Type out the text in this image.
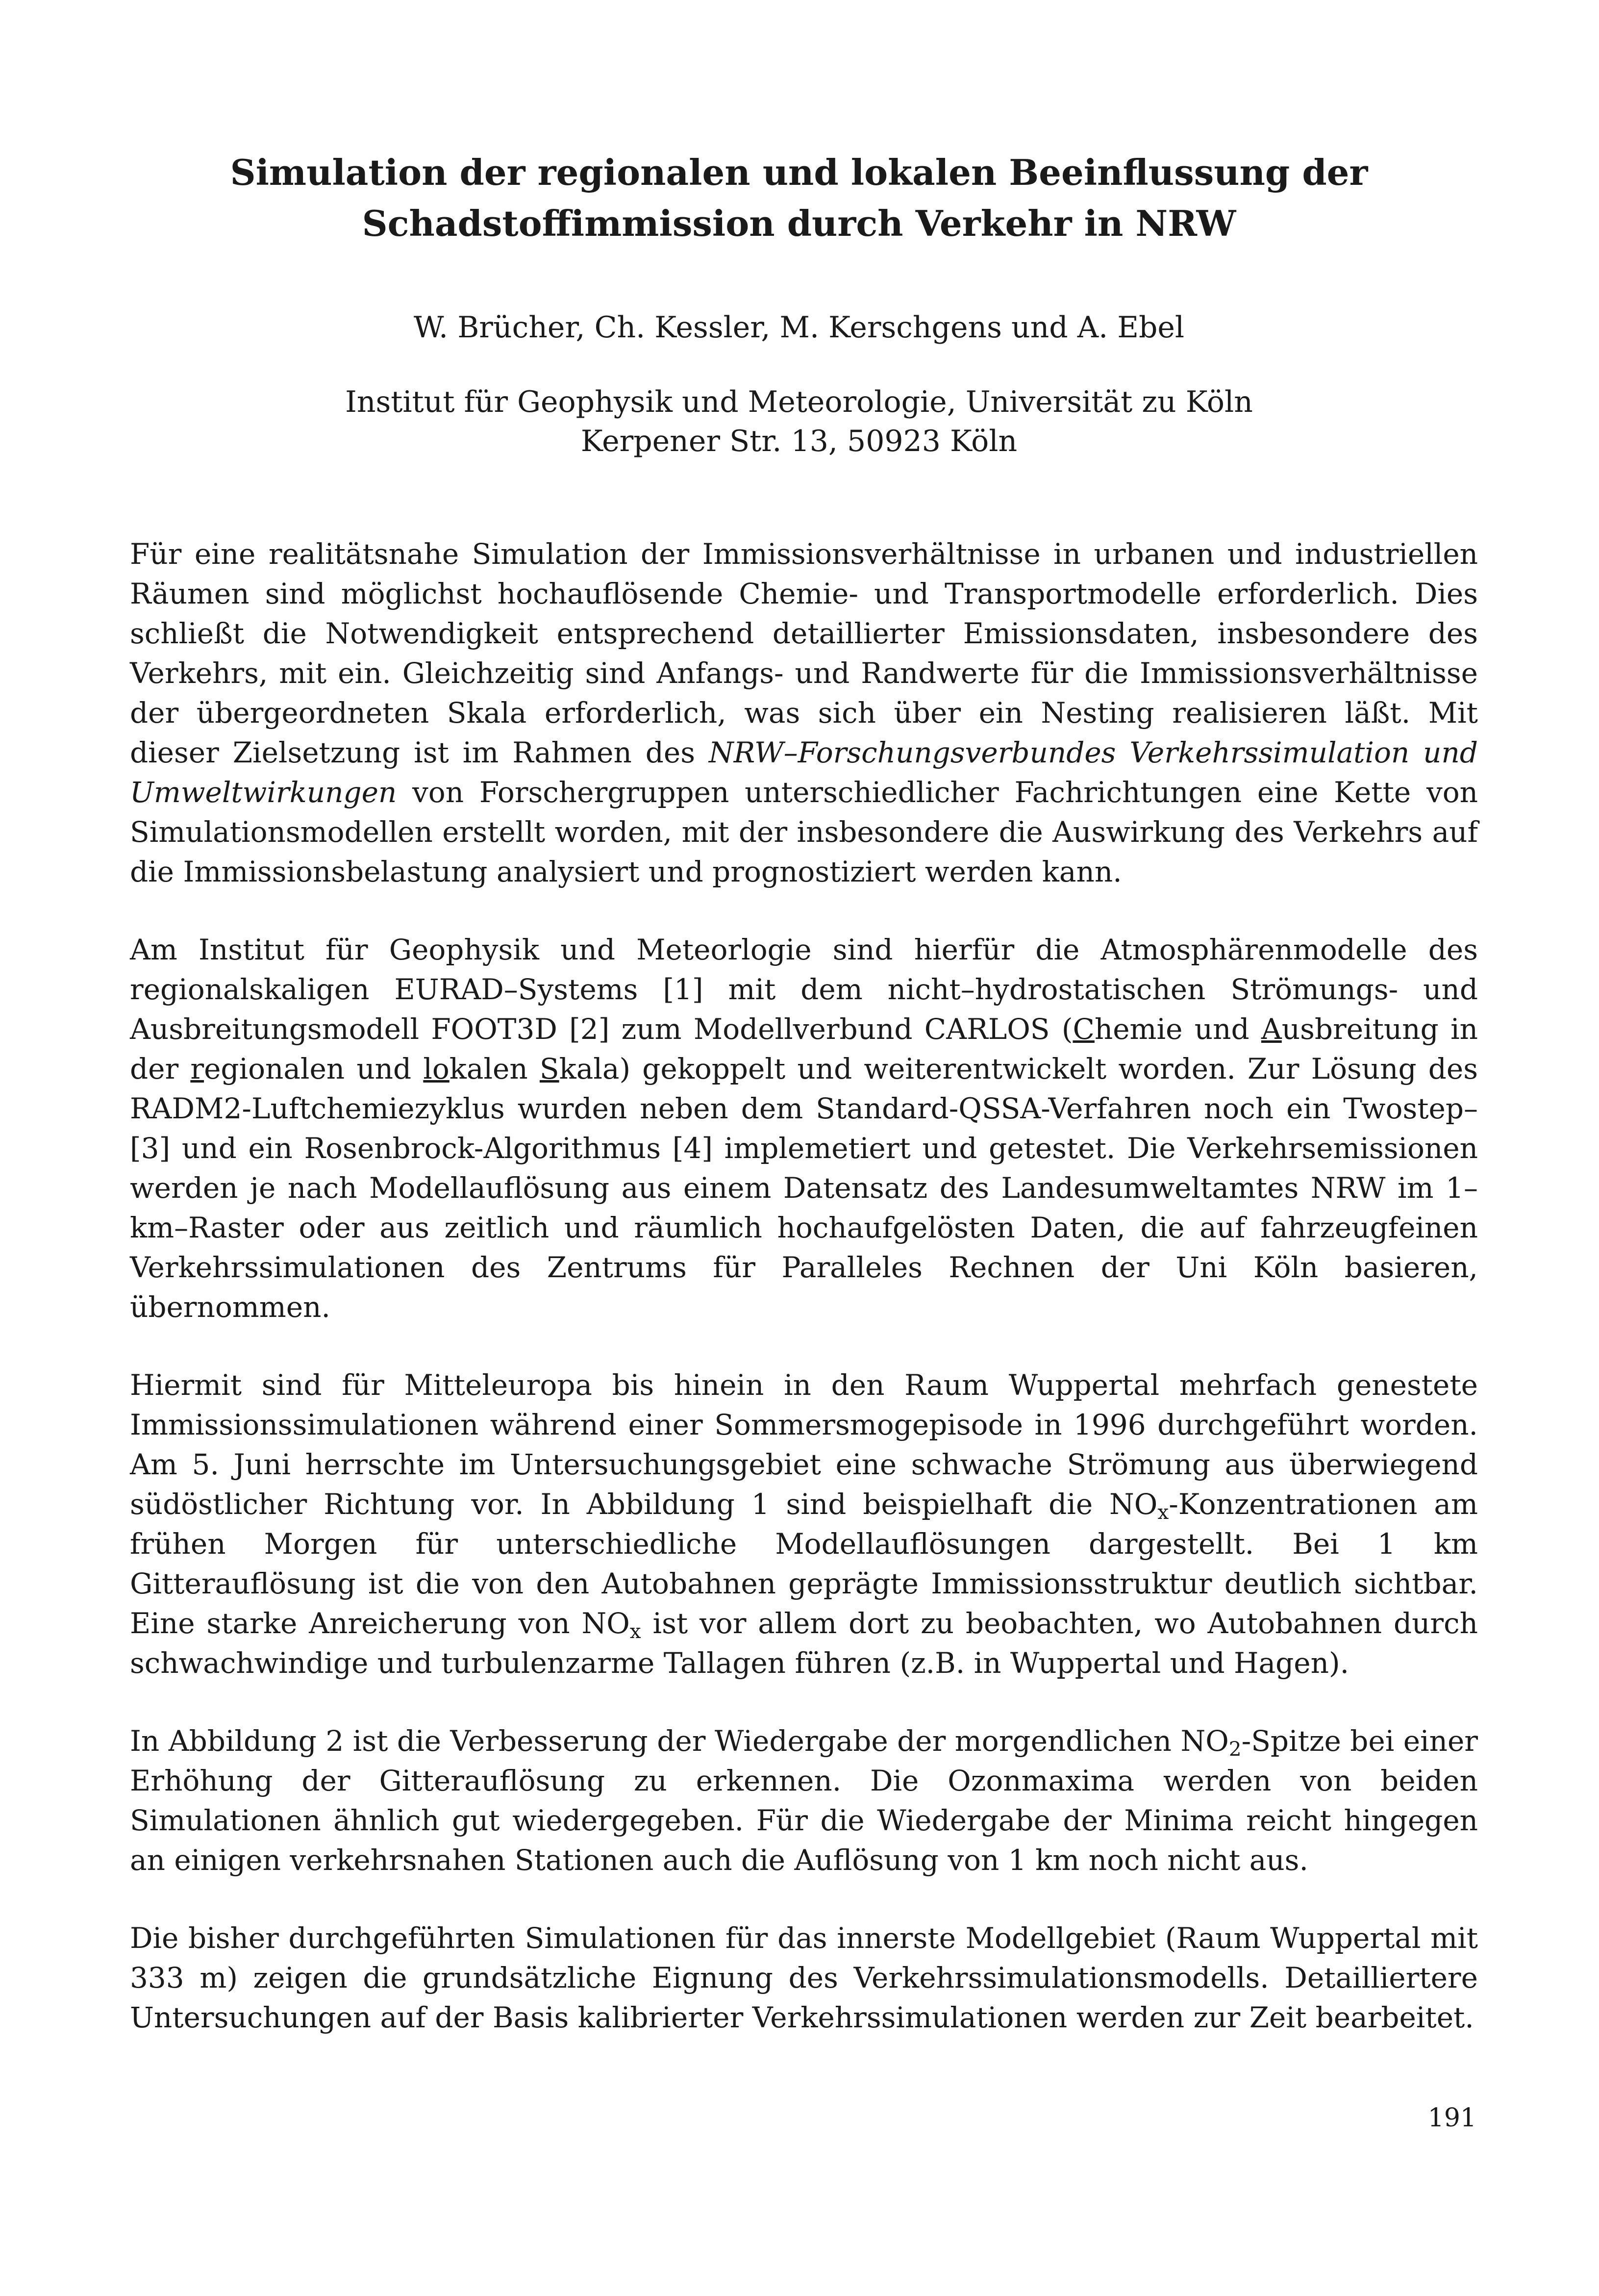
Simulation der regionalen und lokalen Beeinflussung der
Schadstoffimmission durch Verkehr in NRW

W. Brücher, Ch. Kessler, M. Kerschgens und A. Ebel

Institut für Geophysik und Meteorologie, Universität zu Köln
Kerpener Str. 13, 50923 Köln

Für eine realitätsnahe Simulation der Immissionsverhältnisse in urbanen und industriellen Räumen sind möglichst hochauflösende Chemie- und Transportmodelle erforderlich. Dies schließt die Notwendigkeit entsprechend detaillierter Emissionsdaten, insbesondere des Verkehrs, mit ein. Gleichzeitig sind Anfangs- und Randwerte für die Immissionsverhältnisse der übergeordneten Skala erforderlich, was sich über ein Nesting realisieren läßt. Mit dieser Zielsetzung ist im Rahmen des NRW–Forschungsverbundes Verkehrssimulation und Umweltwirkungen von Forschergruppen unterschiedlicher Fachrichtungen eine Kette von Simulationsmodellen erstellt worden, mit der insbesondere die Auswirkung des Verkehrs auf die Immissionsbelastung analysiert und prognostiziert werden kann.

Am Institut für Geophysik und Meteorlogie sind hierfür die Atmosphärenmodelle des regionalskaligen EURAD–Systems [1] mit dem nicht–hydrostatischen Strömungs- und Ausbreitungsmodell FOOT3D [2] zum Modellverbund CARLOS (Chemie und Ausbreitung in der regionalen und lokalen Skala) gekoppelt und weiterentwickelt worden. Zur Lösung des RADM2-Luftchemiezyklus wurden neben dem Standard-QSSA-Verfahren noch ein Twostep– [3] und ein Rosenbrock-Algorithmus [4] implemetiert und getestet. Die Verkehrsemissionen werden je nach Modellauflösung aus einem Datensatz des Landesumweltamtes NRW im 1–km–Raster oder aus zeitlich und räumlich hochaufgelösten Daten, die auf fahrzeugfeinen Verkehrssimulationen des Zentrums für Paralleles Rechnen der Uni Köln basieren, übernommen.

Hiermit sind für Mitteleuropa bis hinein in den Raum Wuppertal mehrfach genestete Immissionssimulationen während einer Sommersmogepisode in 1996 durchgeführt worden. Am 5. Juni herrschte im Untersuchungsgebiet eine schwache Strömung aus überwiegend südöstlicher Richtung vor. In Abbildung 1 sind beispielhaft die $NO_x$-Konzentrationen am frühen Morgen für unterschiedliche Modellauflösungen dargestellt. Bei 1 km Gitterauflösung ist die von den Autobahnen geprägte Immissionsstruktur deutlich sichtbar. Eine starke Anreicherung von $NO_x$ ist vor allem dort zu beobachten, wo Autobahnen durch schwachwindige und turbulenzarme Tallagen führen (z.B. in Wuppertal und Hagen).

In Abbildung 2 ist die Verbesserung der Wiedergabe der morgendlichen $NO_2$-Spitze bei einer Erhöhung der Gitterauflösung zu erkennen. Die Ozonmaxima werden von beiden Simulationen ähnlich gut wiedergegeben. Für die Wiedergabe der Minima reicht hingegen an einigen verkehrsnahen Stationen auch die Auflösung von 1 km noch nicht aus.

Die bisher durchgeführten Simulationen für das innerste Modellgebiet (Raum Wuppertal mit 333 m) zeigen die grundsätzliche Eignung des Verkehrssimulationsmodells. Detailliertere Untersuchungen auf der Basis kalibrierter Verkehrssimulationen werden zur Zeit bearbeitet.

191
